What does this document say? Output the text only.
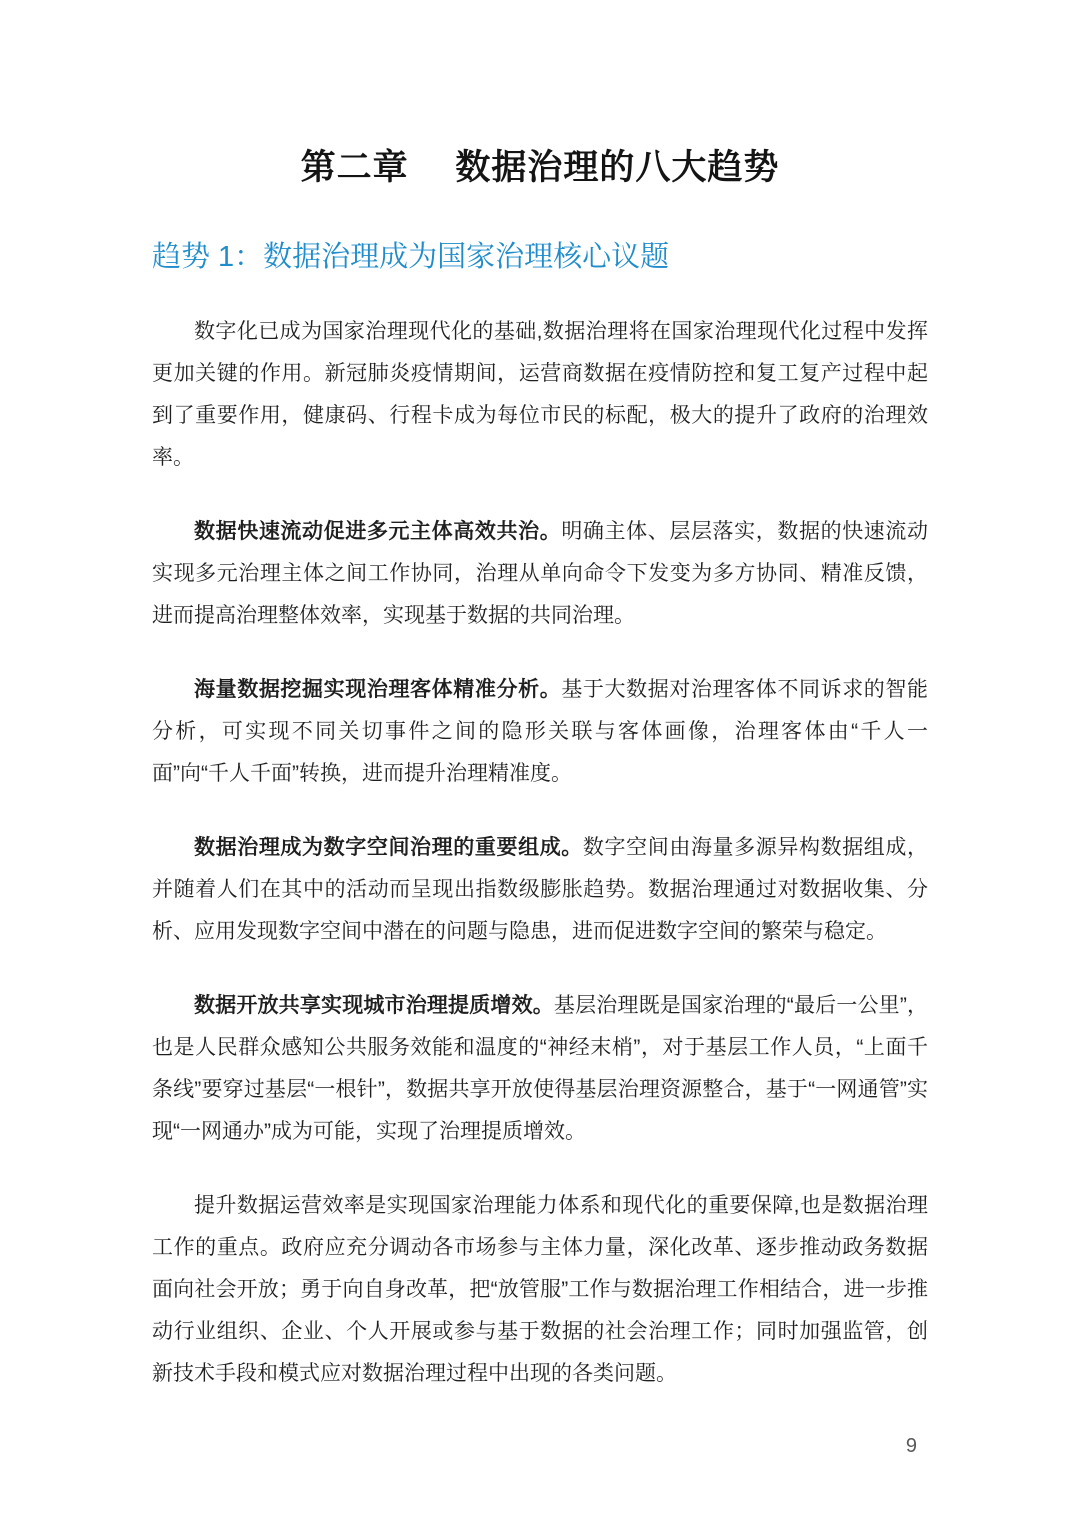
第二章　 数据治理的八大趋势
趋势 1：数据治理成为国家治理核心议题

数字化已成为国家治理现代化的基础,数据治理将在国家治理现代化过程中发挥更加关键的作用。新冠肺炎疫情期间，运营商数据在疫情防控和复工复产过程中起到了重要作用，健康码、行程卡成为每位市民的标配，极大的提升了政府的治理效率。

数据快速流动促进多元主体高效共治。明确主体、层层落实，数据的快速流动实现多元治理主体之间工作协同，治理从单向命令下发变为多方协同、精准反馈，进而提高治理整体效率，实现基于数据的共同治理。

海量数据挖掘实现治理客体精准分析。基于大数据对治理客体不同诉求的智能分析，可实现不同关切事件之间的隐形关联与客体画像，治理客体由“千人一面”向“千人千面”转换，进而提升治理精准度。

数据治理成为数字空间治理的重要组成。数字空间由海量多源异构数据组成，并随着人们在其中的活动而呈现出指数级膨胀趋势。数据治理通过对数据收集、分析、应用发现数字空间中潜在的问题与隐患，进而促进数字空间的繁荣与稳定。

数据开放共享实现城市治理提质增效。基层治理既是国家治理的“最后一公里”，也是人民群众感知公共服务效能和温度的“神经末梢”，对于基层工作人员，“上面千条线”要穿过基层“一根针”，数据共享开放使得基层治理资源整合，基于“一网通管”实现“一网通办”成为可能，实现了治理提质增效。

提升数据运营效率是实现国家治理能力体系和现代化的重要保障,也是数据治理工作的重点。政府应充分调动各市场参与主体力量，深化改革、逐步推动政务数据面向社会开放；勇于向自身改革，把“放管服”工作与数据治理工作相结合，进一步推动行业组织、企业、个人开展或参与基于数据的社会治理工作；同时加强监管，创新技术手段和模式应对数据治理过程中出现的各类问题。

9
